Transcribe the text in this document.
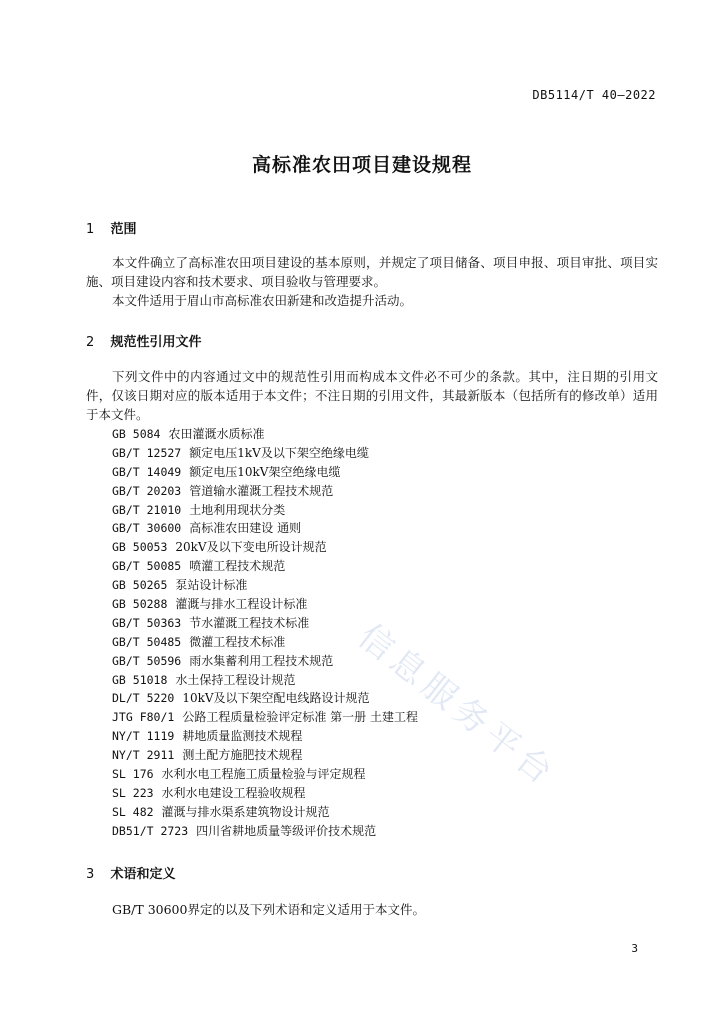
DB5114/T 40—2022
高标准农田项目建设规程
1 范围
本文件确立了高标准农田项目建设的基本原则，并规定了项目储备、项目申报、项目审批、项目实施、项目建设内容和技术要求、项目验收与管理要求。
本文件适用于眉山市高标准农田新建和改造提升活动。
2 规范性引用文件
下列文件中的内容通过文中的规范性引用而构成本文件必不可少的条款。其中，注日期的引用文件，仅该日期对应的版本适用于本文件；不注日期的引用文件，其最新版本（包括所有的修改单）适用于本文件。
GB 5084 农田灌溉水质标准
GB/T 12527 额定电压1kV及以下架空绝缘电缆
GB/T 14049 额定电压10kV架空绝缘电缆
GB/T 20203 管道输水灌溉工程技术规范
GB/T 21010 土地利用现状分类
GB/T 30600 高标准农田建设 通则
GB 50053 20kV及以下变电所设计规范
GB/T 50085 喷灌工程技术规范
GB 50265 泵站设计标准
GB 50288 灌溉与排水工程设计标准
GB/T 50363 节水灌溉工程技术标准
GB/T 50485 微灌工程技术标准
GB/T 50596 雨水集蓄利用工程技术规范
GB 51018 水土保持工程设计规范
DL/T 5220 10kV及以下架空配电线路设计规范
JTG F80/1 公路工程质量检验评定标准 第一册 土建工程
NY/T 1119 耕地质量监测技术规程
NY/T 2911 测土配方施肥技术规程
SL 176 水利水电工程施工质量检验与评定规程
SL 223 水利水电建设工程验收规程
SL 482 灌溉与排水渠系建筑物设计规范
DB51/T 2723 四川省耕地质量等级评价技术规范
3 术语和定义
GB/T 30600界定的以及下列术语和定义适用于本文件。
信息服务平台
3
